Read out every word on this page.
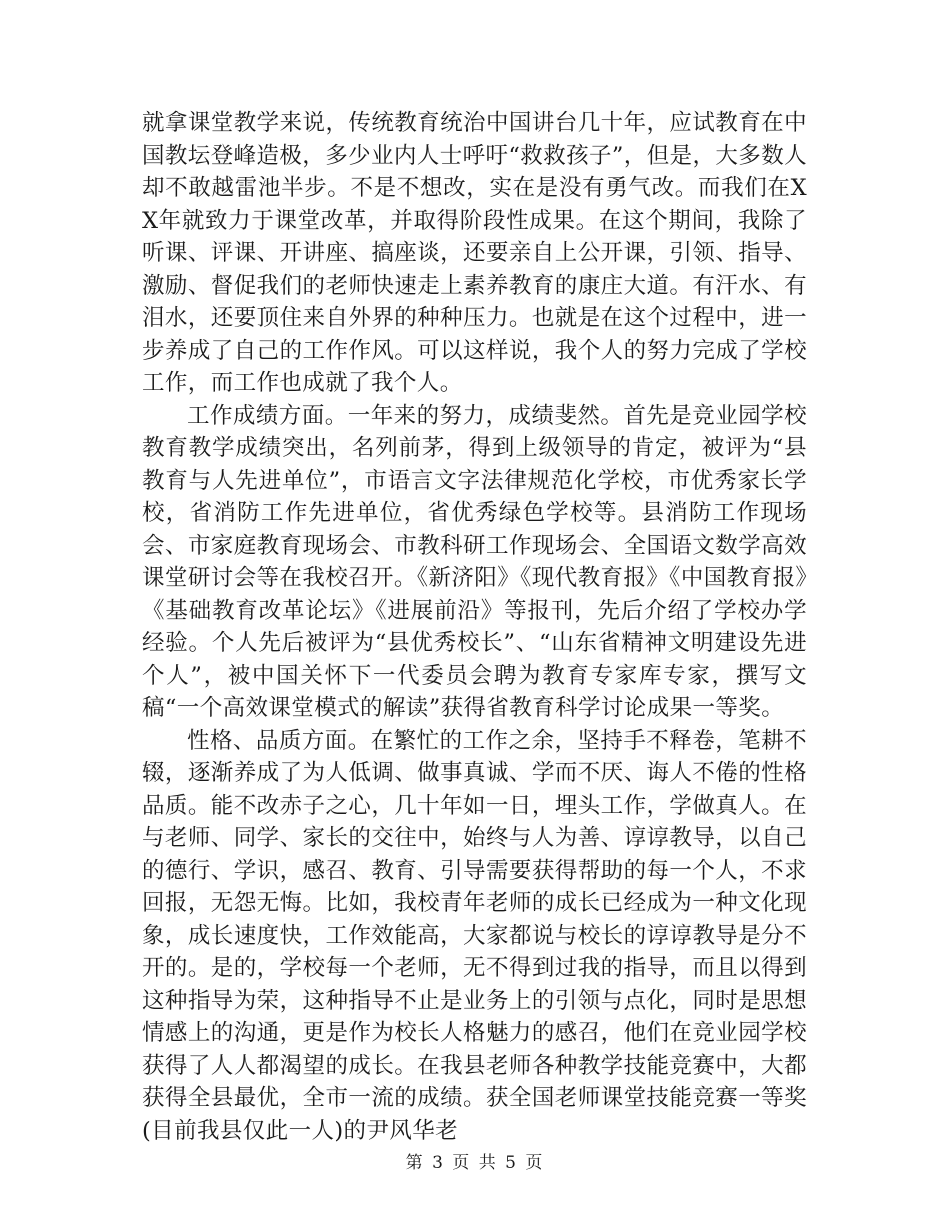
就拿课堂教学来说，传统教育统治中国讲台几十年，应试教育在中国教坛登峰造极，多少业内人士呼吁“救救孩子”，但是，大多数人却不敢越雷池半步。不是不想改，实在是没有勇气改。而我们在XX年就致力于课堂改革，并取得阶段性成果。在这个期间，我除了听课、评课、开讲座、搞座谈，还要亲自上公开课，引领、指导、激励、督促我们的老师快速走上素养教育的康庄大道。有汗水、有泪水，还要顶住来自外界的种种压力。也就是在这个过程中，进一步养成了自己的工作作风。可以这样说，我个人的努力完成了学校工作，而工作也成就了我个人。

工作成绩方面。一年来的努力，成绩斐然。首先是竞业园学校教育教学成绩突出，名列前茅，得到上级领导的肯定，被评为“县教育与人先进单位”，市语言文字法律规范化学校，市优秀家长学校，省消防工作先进单位，省优秀绿色学校等。县消防工作现场会、市家庭教育现场会、市教科研工作现场会、全国语文数学高效课堂研讨会等在我校召开。《新济阳》《现代教育报》《中国教育报》《基础教育改革论坛》《进展前沿》等报刊，先后介绍了学校办学经验。个人先后被评为“县优秀校长”、“山东省精神文明建设先进个人”，被中国关怀下一代委员会聘为教育专家库专家，撰写文稿“一个高效课堂模式的解读”获得省教育科学讨论成果一等奖。

性格、品质方面。在繁忙的工作之余，坚持手不释卷，笔耕不辍，逐渐养成了为人低调、做事真诚、学而不厌、诲人不倦的性格品质。能不改赤子之心，几十年如一日，埋头工作，学做真人。在与老师、同学、家长的交往中，始终与人为善、谆谆教导，以自己的德行、学识，感召、教育、引导需要获得帮助的每一个人，不求回报，无怨无悔。比如，我校青年老师的成长已经成为一种文化现象，成长速度快，工作效能高，大家都说与校长的谆谆教导是分不开的。是的，学校每一个老师，无不得到过我的指导，而且以得到这种指导为荣，这种指导不止是业务上的引领与点化，同时是思想情感上的沟通，更是作为校长人格魅力的感召，他们在竞业园学校获得了人人都渴望的成长。在我县老师各种教学技能竞赛中，大都获得全县最优，全市一流的成绩。获全国老师课堂技能竞赛一等奖(目前我县仅此一人)的尹风华老

第 3 页 共 5 页
